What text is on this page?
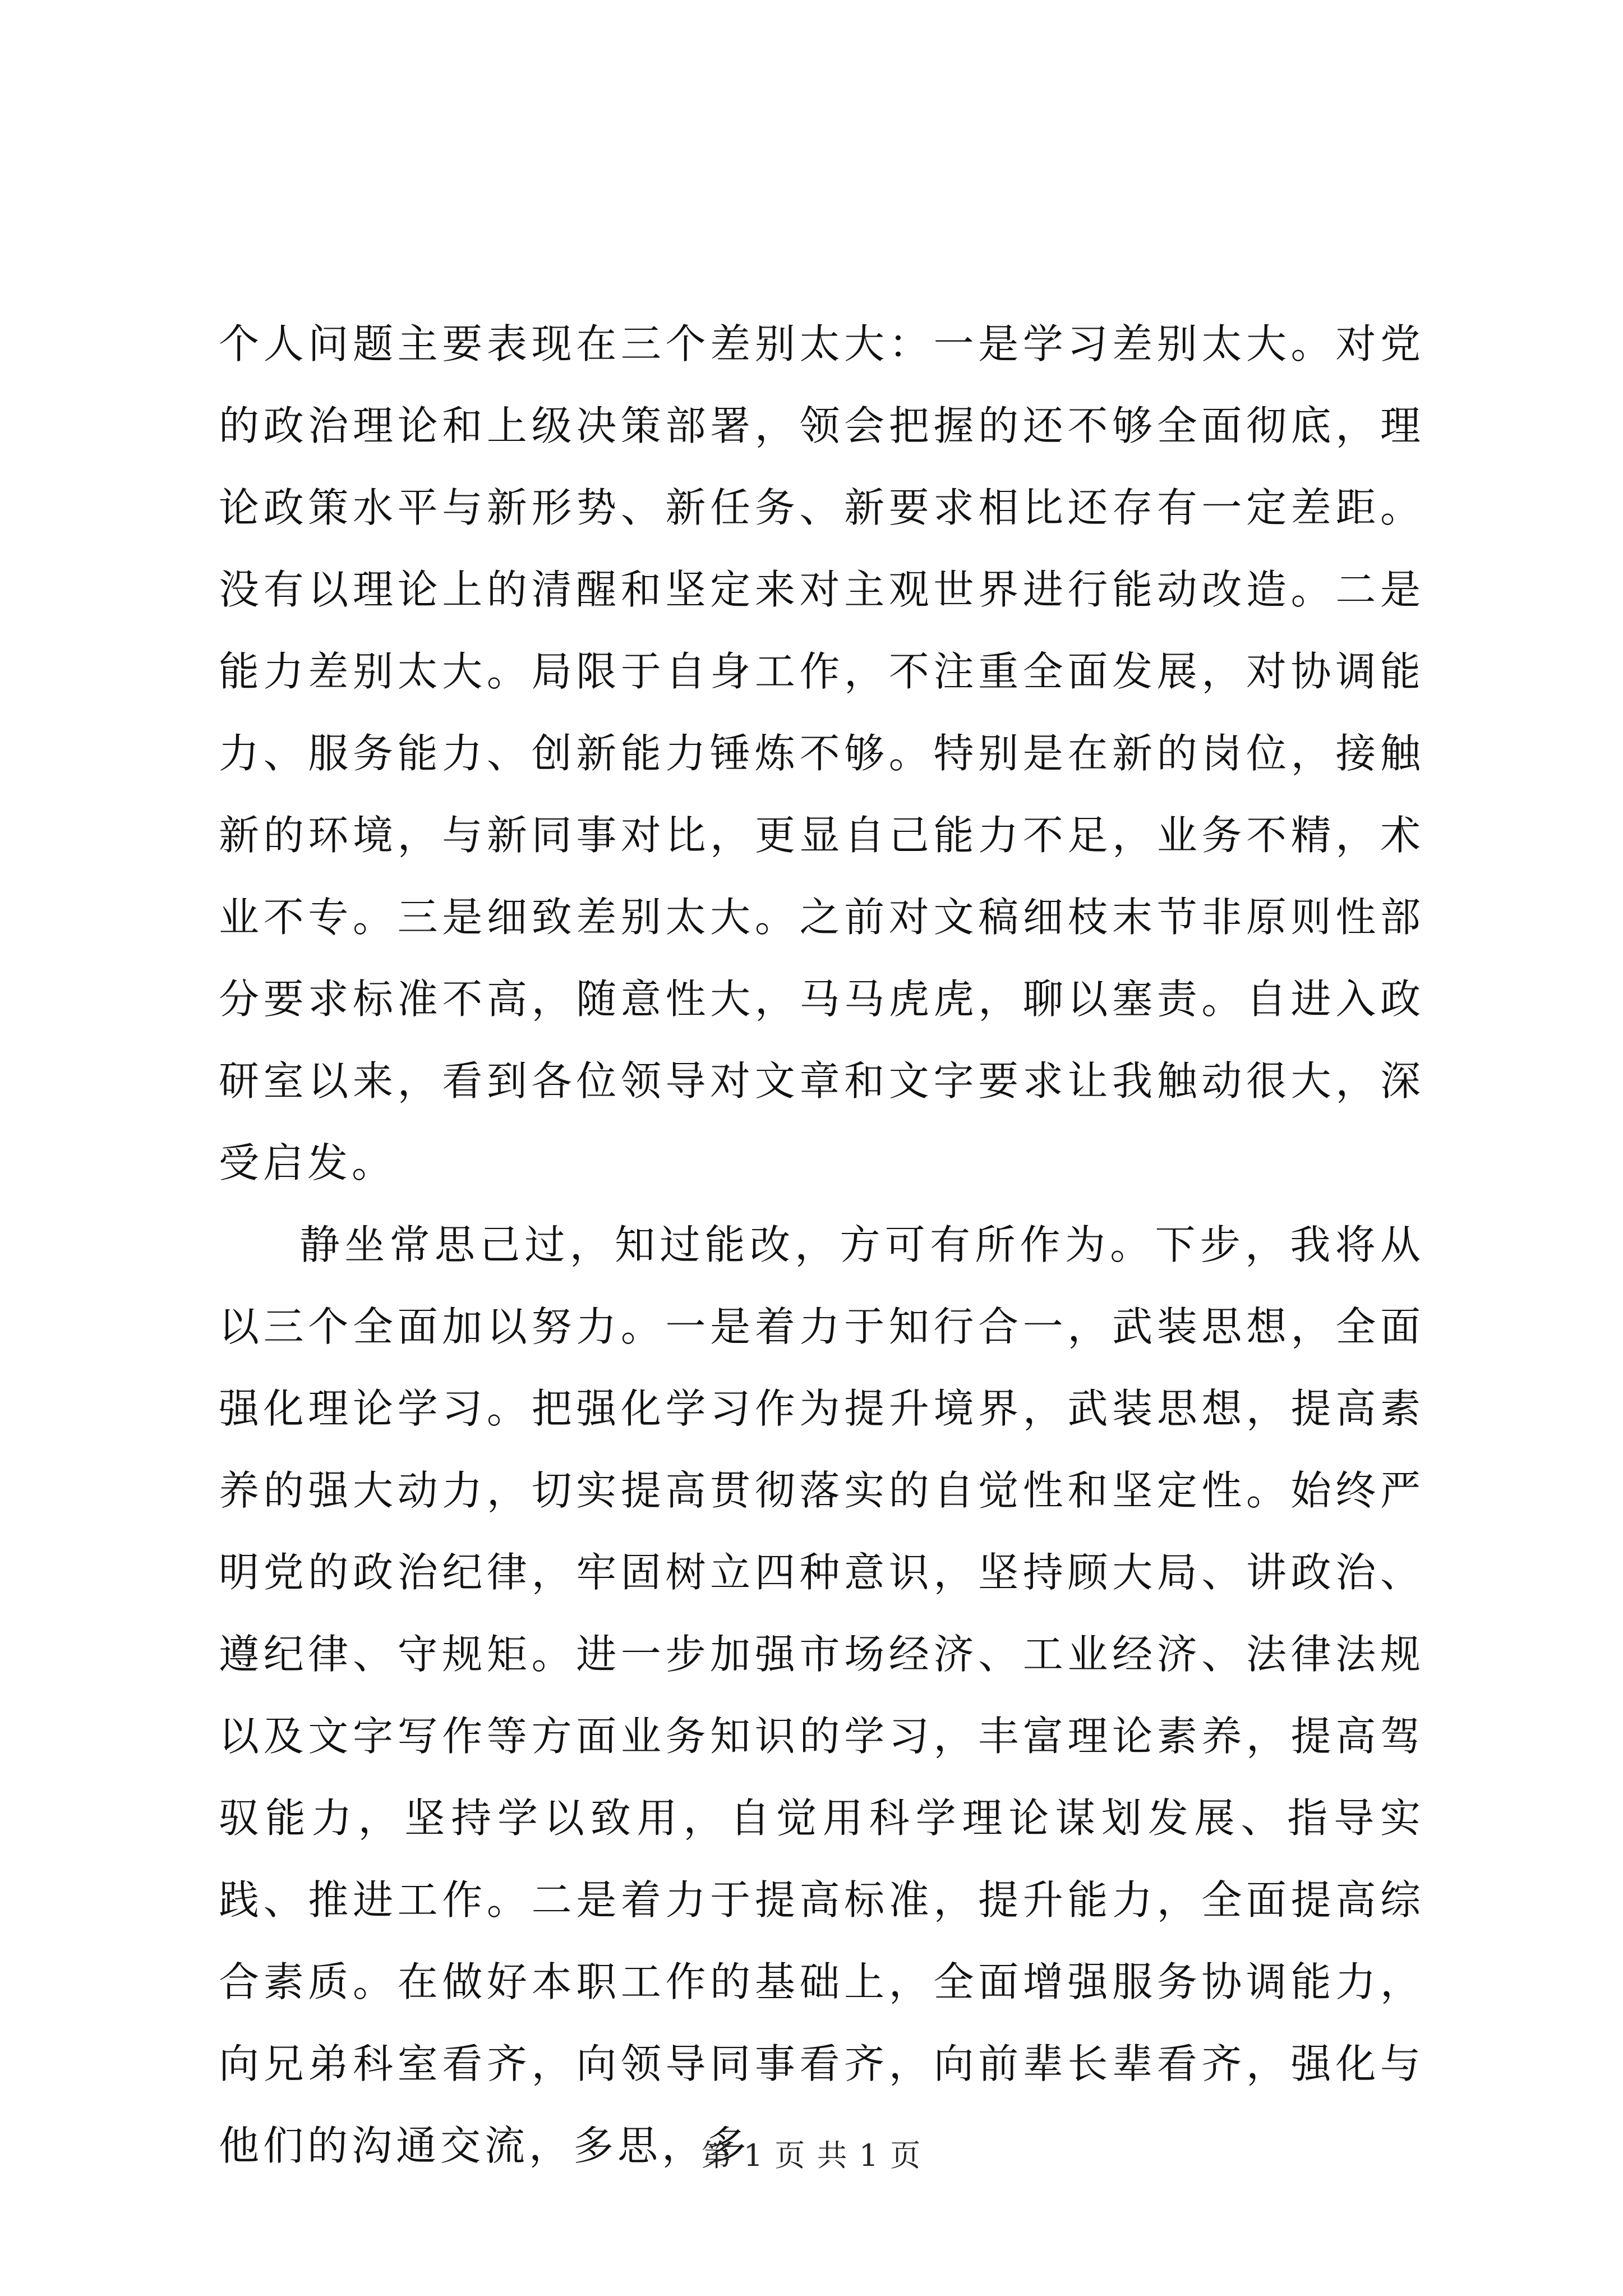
个人问题主要表现在三个差别太大：一是学习差别太大。对党的政治理论和上级决策部署，领会把握的还不够全面彻底，理论政策水平与新形势、新任务、新要求相比还存有一定差距。没有以理论上的清醒和坚定来对主观世界进行能动改造。二是能力差别太大。局限于自身工作，不注重全面发展，对协调能力、服务能力、创新能力锤炼不够。特别是在新的岗位，接触新的环境，与新同事对比，更显自己能力不足，业务不精，术业不专。三是细致差别太大。之前对文稿细枝末节非原则性部分要求标准不高，随意性大，马马虎虎，聊以塞责。自进入政研室以来，看到各位领导对文章和文字要求让我触动很大，深受启发。

静坐常思己过，知过能改，方可有所作为。下步，我将从以三个全面加以努力。一是着力于知行合一，武装思想，全面强化理论学习。把强化学习作为提升境界，武装思想，提高素养的强大动力，切实提高贯彻落实的自觉性和坚定性。始终严明党的政治纪律，牢固树立四种意识，坚持顾大局、讲政治、遵纪律、守规矩。进一步加强市场经济、工业经济、法律法规以及文字写作等方面业务知识的学习，丰富理论素养，提高驾驭能力，坚持学以致用，自觉用科学理论谋划发展、指导实践、推进工作。二是着力于提高标准，提升能力，全面提高综合素质。在做好本职工作的基础上，全面增强服务协调能力，向兄弟科室看齐，向领导同事看齐，向前辈长辈看齐，强化与他们的沟通交流，多思，多

第 1 页 共 1 页
